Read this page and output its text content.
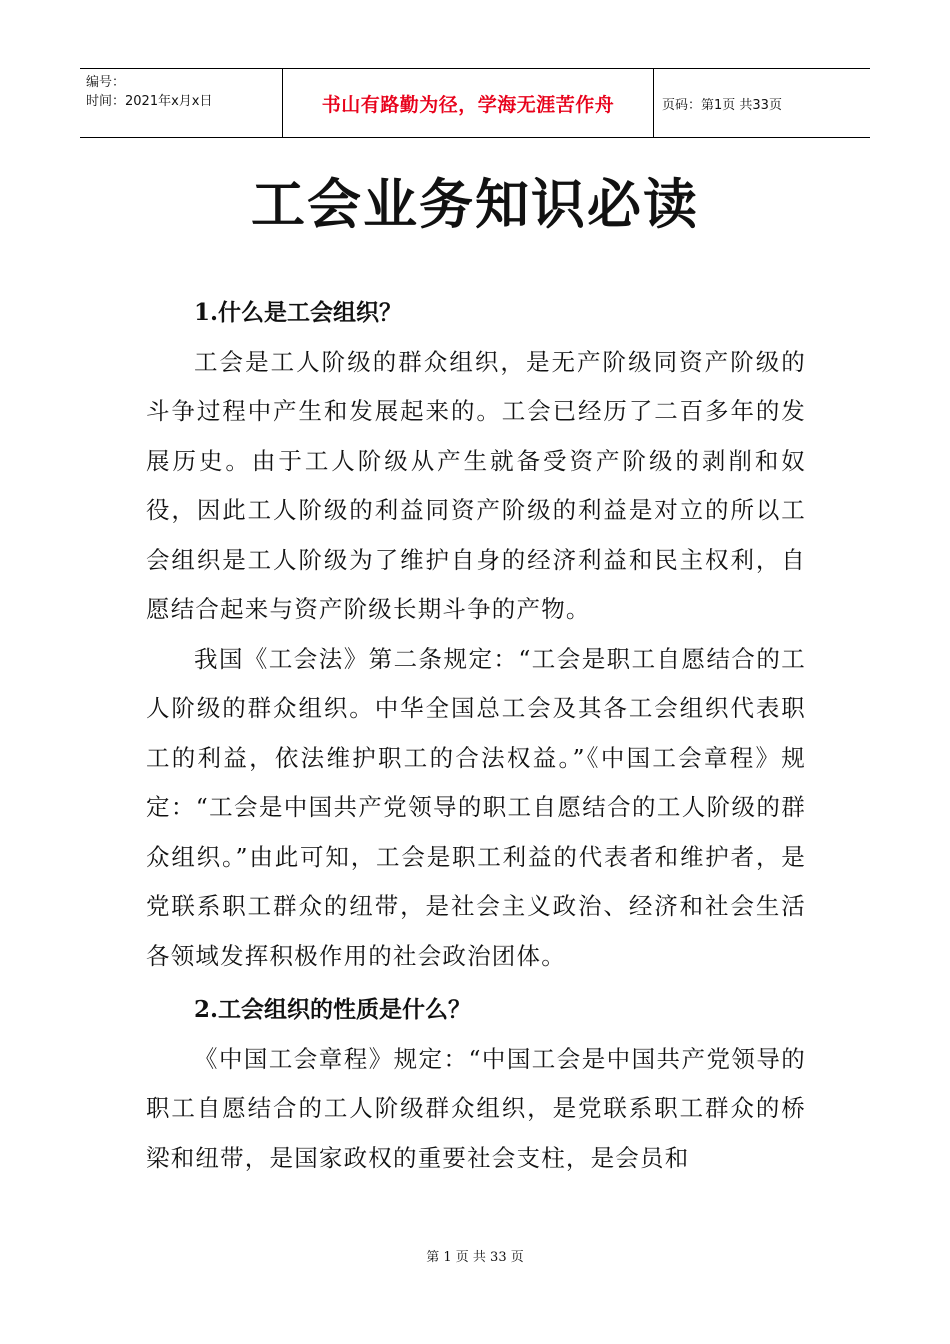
编号：
时间：2021年x月x日	书山有路勤为径，学海无涯苦作舟	页码：第1页 共33页
工会业务知识必读

1.什么是工会组织？

工会是工人阶级的群众组织，是无产阶级同资产阶级的斗争过程中产生和发展起来的。工会已经历了二百多年的发展历史。由于工人阶级从产生就备受资产阶级的剥削和奴役，因此工人阶级的利益同资产阶级的利益是对立的所以工会组织是工人阶级为了维护自身的经济利益和民主权利，自愿结合起来与资产阶级长期斗争的产物。

我国《工会法》第二条规定：“工会是职工自愿结合的工人阶级的群众组织。中华全国总工会及其各工会组织代表职工的利益，依法维护职工的合法权益。”《中国工会章程》规定：“工会是中国共产党领导的职工自愿结合的工人阶级的群众组织。”由此可知，工会是职工利益的代表者和维护者，是党联系职工群众的纽带，是社会主义政治、经济和社会生活各领域发挥积极作用的社会政治团体。

2.工会组织的性质是什么？

《中国工会章程》规定：“中国工会是中国共产党领导的职工自愿结合的工人阶级群众组织，是党联系职工群众的桥梁和纽带，是国家政权的重要社会支柱，是会员和

第 1 页 共 33 页
